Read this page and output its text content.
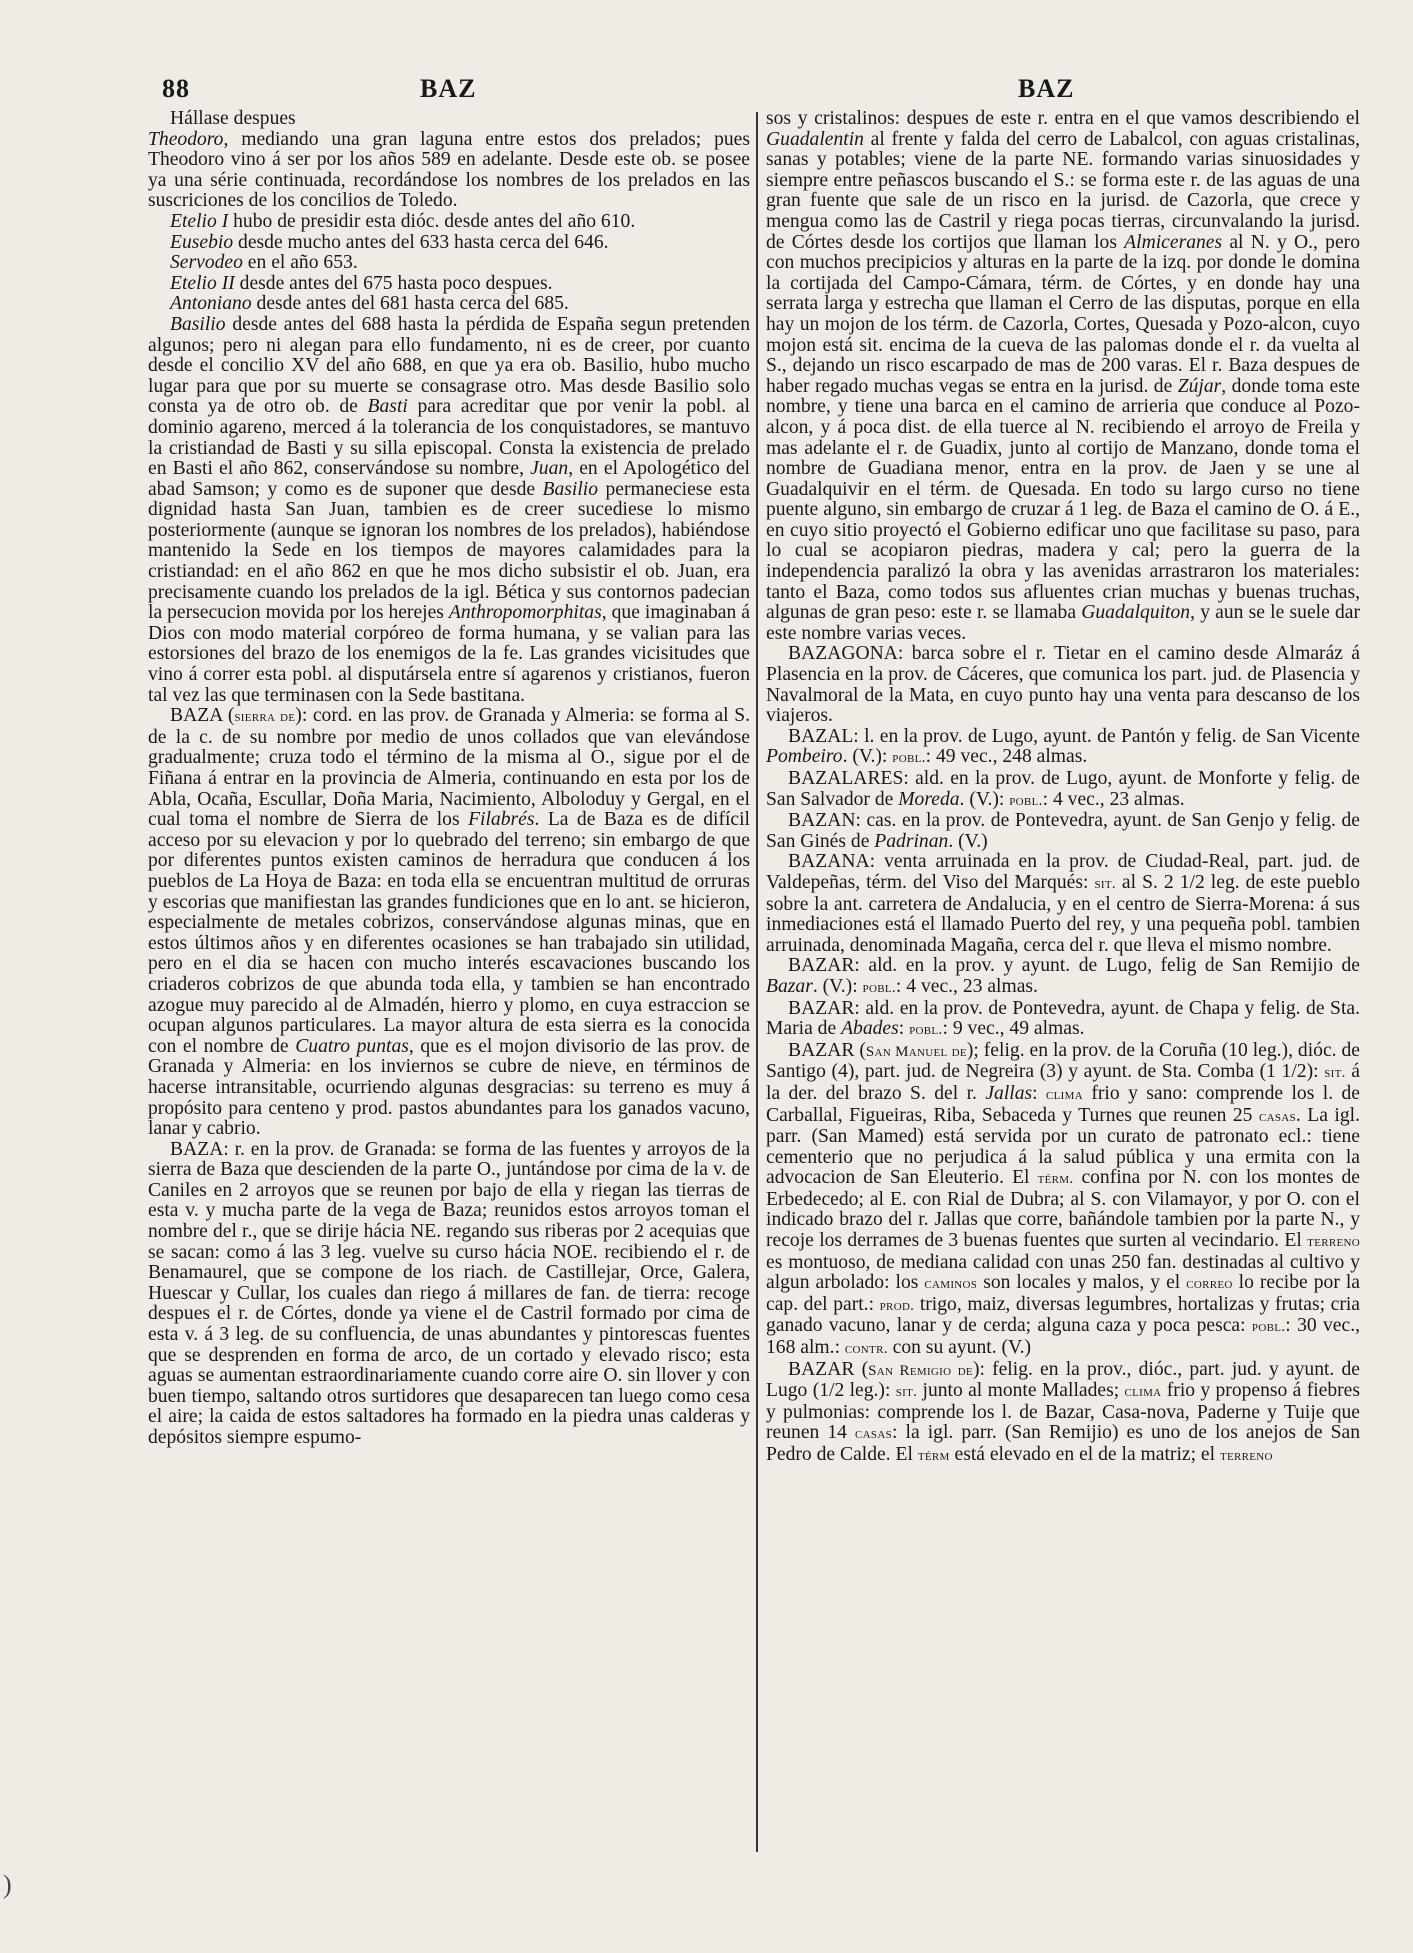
88	BAZ	BAZ

Hállase despues

Theodoro, mediando una gran laguna entre estos dos prelados; pues Theodoro vino á ser por los años 589 en adelante. Desde este ob. se posee ya una série continuada, recordándose los nombres de los prelados en las suscriciones de los concilios de Toledo.

Etelio I hubo de presidir esta dióc. desde antes del año 610.

Eusebio desde mucho antes del 633 hasta cerca del 646.

Servodeo en el año 653.

Etelio II desde antes del 675 hasta poco despues.

Antoniano desde antes del 681 hasta cerca del 685.

Basilio desde antes del 688 hasta la pérdida de España segun pretenden algunos; pero ni alegan para ello fundamento, ni es de creer, por cuanto desde el concilio XV del año 688, en que ya era ob. Basilio, hubo mucho lugar para que por su muerte se consagrase otro. Mas desde Basilio solo consta ya de otro ob. de Basti para acreditar que por venir la pobl. al dominio agareno, merced á la tolerancia de los conquistadores, se mantuvo la cristiandad de Basti y su silla episcopal. Consta la existencia de prelado en Basti el año 862, conservándose su nombre, Juan, en el Apologético del abad Samson; y como es de suponer que desde Basilio permaneciese esta dignidad hasta San Juan, tambien es de creer sucediese lo mismo posteriormente (aunque se ignoran los nombres de los prelados), habiéndose mantenido la Sede en los tiempos de mayores calamidades para la cristiandad: en el año 862 en que he mos dicho subsistir el ob. Juan, era precisamente cuando los prelados de la igl. Bética y sus contornos padecian la persecucion movida por los herejes Anthropomorphitas, que imaginaban á Dios con modo material corpóreo de forma humana, y se valian para las estorsiones del brazo de los enemigos de la fe. Las grandes vicisitudes que vino á correr esta pobl. al disputársela entre sí agarenos y cristianos, fueron tal vez las que terminasen con la Sede bastitana.

BAZA (sierra de): cord. en las prov. de Granada y Almeria: se forma al S. de la c. de su nombre por medio de unos collados que van elevándose gradualmente; cruza todo el término de la misma al O., sigue por el de Fiñana á entrar en la provincia de Almeria, continuando en esta por los de Abla, Ocaña, Escullar, Doña Maria, Nacimiento, Alboloduy y Gergal, en el cual toma el nombre de Sierra de los Filabrés. La de Baza es de difícil acceso por su elevacion y por lo quebrado del terreno; sin embargo de que por diferentes puntos existen caminos de herradura que conducen á los pueblos de La Hoya de Baza: en toda ella se encuentran multitud de orruras y escorias que manifiestan las grandes fundiciones que en lo ant. se hicieron, especialmente de metales cobrizos, conservándose algunas minas, que en estos últimos años y en diferentes ocasiones se han trabajado sin utilidad, pero en el dia se hacen con mucho interés escavaciones buscando los criaderos cobrizos de que abunda toda ella, y tambien se han encontrado azogue muy parecido al de Almadén, hierro y plomo, en cuya estraccion se ocupan algunos particulares. La mayor altura de esta sierra es la conocida con el nombre de Cuatro puntas, que es el mojon divisorio de las prov. de Granada y Almeria: en los inviernos se cubre de nieve, en términos de hacerse intransitable, ocurriendo algunas desgracias: su terreno es muy á propósito para centeno y prod. pastos abundantes para los ganados vacuno, lanar y cabrio.

BAZA: r. en la prov. de Granada: se forma de las fuentes y arroyos de la sierra de Baza que descienden de la parte O., juntándose por cima de la v. de Caniles en 2 arroyos que se reunen por bajo de ella y riegan las tierras de esta v. y mucha parte de la vega de Baza; reunidos estos arroyos toman el nombre del r., que se dirije hácia NE. regando sus riberas por 2 acequias que se sacan: como á las 3 leg. vuelve su curso hácia NOE. recibiendo el r. de Benamaurel, que se compone de los riach. de Castillejar, Orce, Galera, Huescar y Cullar, los cuales dan riego á millares de fan. de tierra: recoge despues el r. de Córtes, donde ya viene el de Castril formado por cima de esta v. á 3 leg. de su confluencia, de unas abundantes y pintorescas fuentes que se desprenden en forma de arco, de un cortado y elevado risco; esta aguas se aumentan estraordinariamente cuando corre aire O. sin llover y con buen tiempo, saltando otros surtidores que desaparecen tan luego como cesa el aire; la caida de estos saltadores ha formado en la piedra unas calderas y depósitos siempre espumo-

sos y cristalinos: despues de este r. entra en el que vamos describiendo el Guadalentin al frente y falda del cerro de Labalcol, con aguas cristalinas, sanas y potables; viene de la parte NE. formando varias sinuosidades y siempre entre peñascos buscando el S.: se forma este r. de las aguas de una gran fuente que sale de un risco en la jurisd. de Cazorla, que crece y mengua como las de Castril y riega pocas tierras, circunvalando la jurisd. de Córtes desde los cortijos que llaman los Almiceranes al N. y O., pero con muchos precipicios y alturas en la parte de la izq. por donde le domina la cortijada del Campo-Cámara, térm. de Córtes, y en donde hay una serrata larga y estrecha que llaman el Cerro de las disputas, porque en ella hay un mojon de los térm. de Cazorla, Cortes, Quesada y Pozo-alcon, cuyo mojon está sit. encima de la cueva de las palomas donde el r. da vuelta al S., dejando un risco escarpado de mas de 200 varas. El r. Baza despues de haber regado muchas vegas se entra en la jurisd. de Zújar, donde toma este nombre, y tiene una barca en el camino de arrieria que conduce al Pozo-alcon, y á poca dist. de ella tuerce al N. recibiendo el arroyo de Freila y mas adelante el r. de Guadix, junto al cortijo de Manzano, donde toma el nombre de Guadiana menor, entra en la prov. de Jaen y se une al Guadalquivir en el térm. de Quesada. En todo su largo curso no tiene puente alguno, sin embargo de cruzar á 1 leg. de Baza el camino de O. á E., en cuyo sitio proyectó el Gobierno edificar uno que facilitase su paso, para lo cual se acopiaron piedras, madera y cal; pero la guerra de la independencia paralizó la obra y las avenidas arrastraron los materiales: tanto el Baza, como todos sus afluentes crian muchas y buenas truchas, algunas de gran peso: este r. se llamaba Guadalquiton, y aun se le suele dar este nombre varias veces.

BAZAGONA: barca sobre el r. Tietar en el camino desde Almaráz á Plasencia en la prov. de Cáceres, que comunica los part. jud. de Plasencia y Navalmoral de la Mata, en cuyo punto hay una venta para descanso de los viajeros.

BAZAL: l. en la prov. de Lugo, ayunt. de Pantón y felig. de San Vicente Pombeiro. (V.): pobl.: 49 vec., 248 almas.

BAZALARES: ald. en la prov. de Lugo, ayunt. de Monforte y felig. de San Salvador de Moreda. (V.): pobl.: 4 vec., 23 almas.

BAZAN: cas. en la prov. de Pontevedra, ayunt. de San Genjo y felig. de San Ginés de Padrinan. (V.)

BAZANA: venta arruinada en la prov. de Ciudad-Real, part. jud. de Valdepeñas, térm. del Viso del Marqués: sit. al S. 2 1/2 leg. de este pueblo sobre la ant. carretera de Andalucia, y en el centro de Sierra-Morena: á sus inmediaciones está el llamado Puerto del rey, y una pequeña pobl. tambien arruinada, denominada Magaña, cerca del r. que lleva el mismo nombre.

BAZAR: ald. en la prov. y ayunt. de Lugo, felig de San Remijio de Bazar. (V.): pobl.: 4 vec., 23 almas.

BAZAR: ald. en la prov. de Pontevedra, ayunt. de Chapa y felig. de Sta. Maria de Abades: pobl.: 9 vec., 49 almas.

BAZAR (San Manuel de); felig. en la prov. de la Coruña (10 leg.), dióc. de Santigo (4), part. jud. de Negreira (3) y ayunt. de Sta. Comba (1 1/2): sit. á la der. del brazo S. del r. Jallas: clima frio y sano: comprende los l. de Carballal, Figueiras, Riba, Sebaceda y Turnes que reunen 25 casas. La igl. parr. (San Mamed) está servida por un curato de patronato ecl.: tiene cementerio que no perjudica á la salud pública y una ermita con la advocacion de San Eleuterio. El térm. confina por N. con los montes de Erbedecedo; al E. con Rial de Dubra; al S. con Vilamayor, y por O. con el indicado brazo del r. Jallas que corre, bañándole tambien por la parte N., y recoje los derrames de 3 buenas fuentes que surten al vecindario. El terreno es montuoso, de mediana calidad con unas 250 fan. destinadas al cultivo y algun arbolado: los caminos son locales y malos, y el correo lo recibe por la cap. del part.: prod. trigo, maiz, diversas legumbres, hortalizas y frutas; cria ganado vacuno, lanar y de cerda; alguna caza y poca pesca: pobl.: 30 vec., 168 alm.: contr. con su ayunt. (V.)

BAZAR (San Remigio de): felig. en la prov., dióc., part. jud. y ayunt. de Lugo (1/2 leg.): sit. junto al monte Mallades; clima frio y propenso á fiebres y pulmonias: comprende los l. de Bazar, Casa-nova, Paderne y Tuije que reunen 14 casas: la igl. parr. (San Remijio) es uno de los anejos de San Pedro de Calde. El térm está elevado en el de la matriz; el terreno

)
